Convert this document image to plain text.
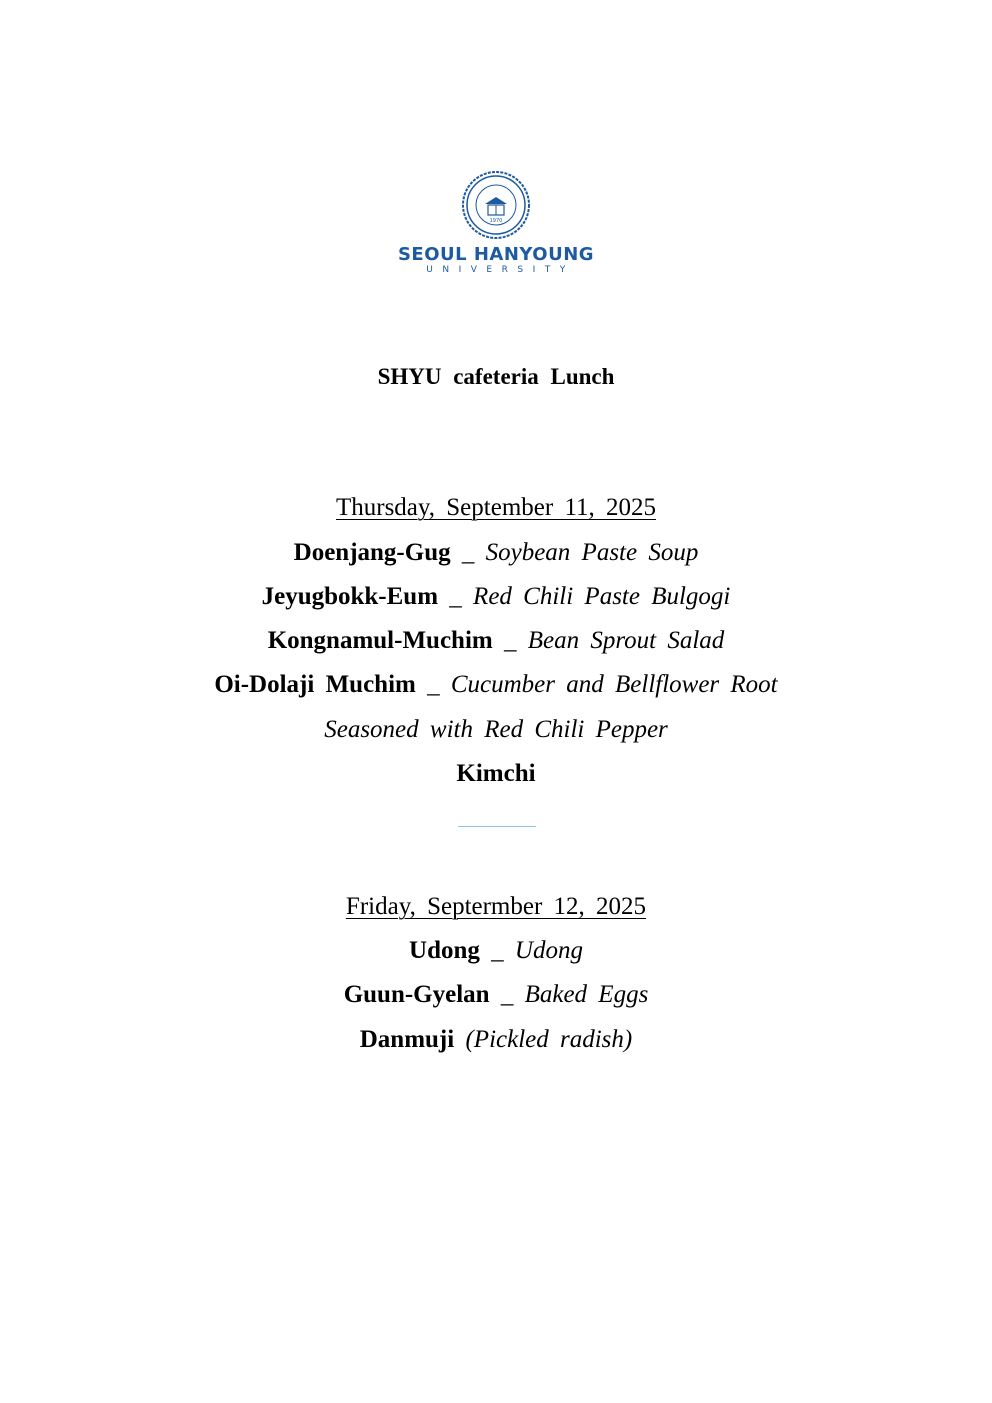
1970
SEOUL HANYOUNG
UNIVERSITY
SHYU cafeteria Lunch
Thursday, September 11, 2025
Doenjang-Gug _ Soybean Paste Soup
Jeyugbokk-Eum _ Red Chili Paste Bulgogi
Kongnamul-Muchim _ Bean Sprout Salad
Oi-Dolaji Muchim _ Cucumber and Bellflower Root
Seasoned with Red Chili Pepper
Kimchi
Friday, Septermber 12, 2025
Udong _ Udong
Guun-Gyelan _ Baked Eggs
Danmuji (Pickled radish)
